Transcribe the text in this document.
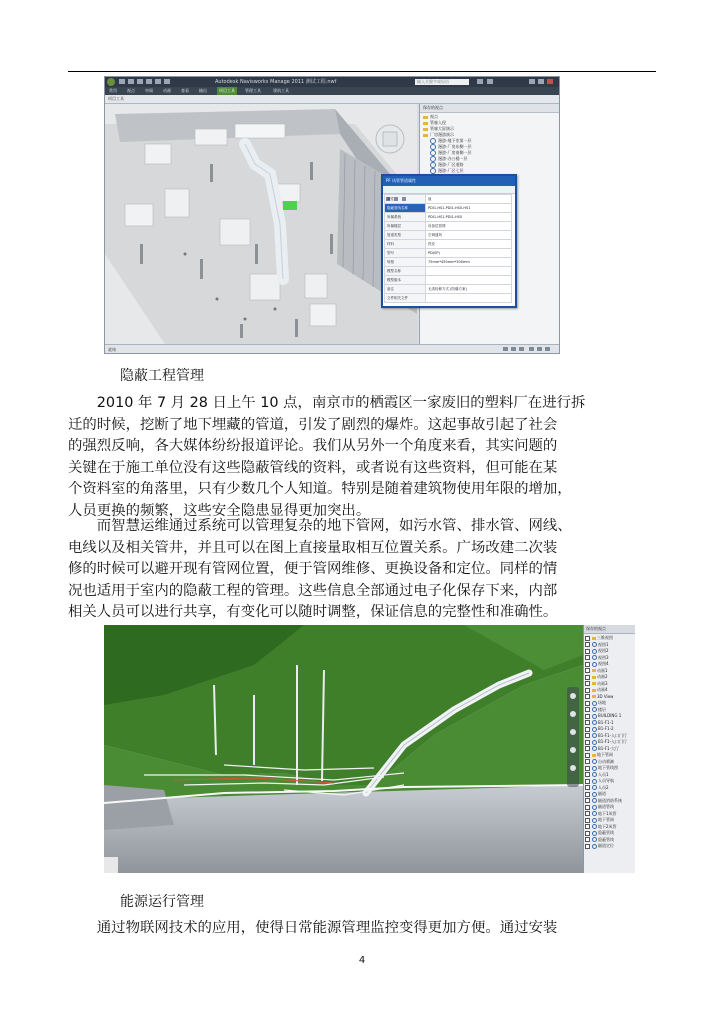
Autodesk Navisworks Manage 2011 测试工程.nwf	输入关键字或短语
常用	视点	审阅	动画	查看	输出	项目工具	管理工具	建筑工具
项目工具
保存的视点
视点
管廊入侵
管廊大屏演示
厂房漫游演示
漫游-地下室第一层
漫游-厂房东侧一层
漫游-厂房南侧一层
漫游-办公楼一层
漫游-厂区道路
漫游-厂区七层
PF 风管管道属性
属性	值
隐蔽管线名称	PDI1-HS1-PDI1-HS0-HS1
所属系统	PDI1-HS1-PDI1-HS0
所属楼层	设备层管网
管道类型	空调通风
材料	铁皮
型号	PD(0P)
规格	75mm*450mm*300mm
模型名称	
模型版本	
备注	无须检修方式 (防爆方案)
文件相关文件	
就绪
隐蔽工程管理
　　2010 年 7 月 28 日上午 10 点，南京市的栖霞区一家废旧的塑料厂在进行拆
迁的时候，挖断了地下埋藏的管道，引发了剧烈的爆炸。这起事故引起了社会
的强烈反响，各大媒体纷纷报道评论。我们从另外一个角度来看，其实问题的
关键在于施工单位没有这些隐蔽管线的资料，或者说有这些资料，但可能在某
个资料室的角落里，只有少数几个人知道。特别是随着建筑物使用年限的增加，
人员更换的频繁，这些安全隐患显得更加突出。
　　而智慧运维通过系统可以管理复杂的地下管网，如污水管、排水管、网线、
电线以及相关管井，并且可以在图上直接量取相互位置关系。广场改建二次装
修的时候可以避开现有管网位置，便于管网维修、更换设备和定位。同样的情
况也适用于室内的隐蔽工程的管理。这些信息全部通过电子化保存下来，内部
相关人员可以进行共享，有变化可以随时调整，保证信息的完整性和准确性。
保存的视点
三维视图
视图1
视图2
视图3
视图4
动画1
动画2
动画3
动画4
3D View
场地
楼层
BUILDING 1
B1-F1-1
B1-F1-2
B1-F1-入口门厅
B1-F1-入口门厅
B1-F1-大厅
地下管网
自动喷淋
地下管线图
人员1
人员导航
人员2
隧道
隧道消防系统
隧道管线
地下1风管
地下管网
地下2风管
隐蔽管线
隐蔽管线
隧道定位
能源运行管理
　　通过物联网技术的应用，使得日常能源管理监控变得更加方便。通过安装
4
